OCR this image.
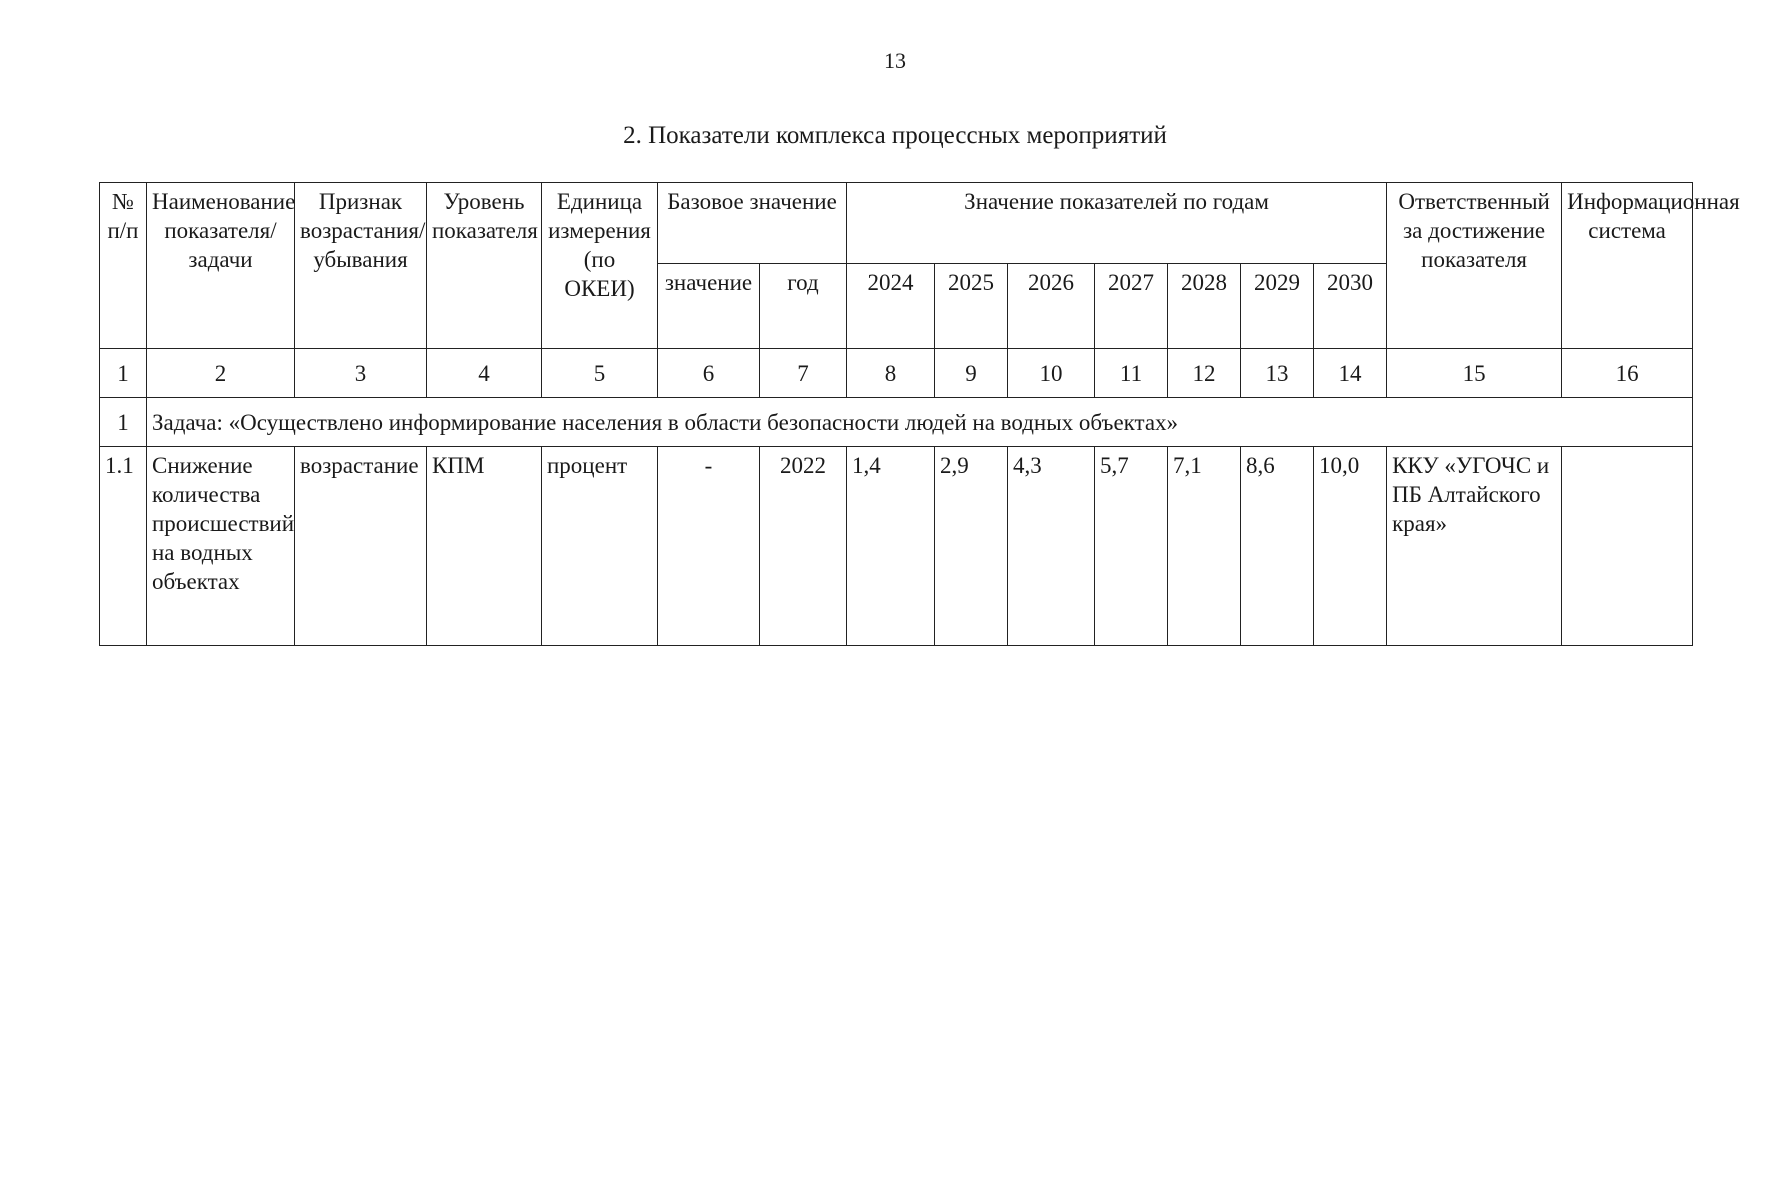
13
2. Показатели комплекса процессных мероприятий
№ п/п	Наименование показателя/ задачи	Признак возрастания/ убывания	Уровень показателя	Единица измерения (по ОКЕИ)	Базовое значение		Значение показателей по годам							Ответственный за достижение показателя	Информационная система
					значение	год	2024	2025	2026	2027	2028	2029	2030		
1	2	3	4	5	6	7	8	9	10	11	12	13	14	15	16
1	Задача: «Осуществлено информирование населения в области безопасности людей на водных объектах»														
1.1	Снижение количества происшествий на водных объектах	возрастание	КПМ	процент	-	2022	1,4	2,9	4,3	5,7	7,1	8,6	10,0	ККУ «УГОЧС и ПБ Алтайского края»	
